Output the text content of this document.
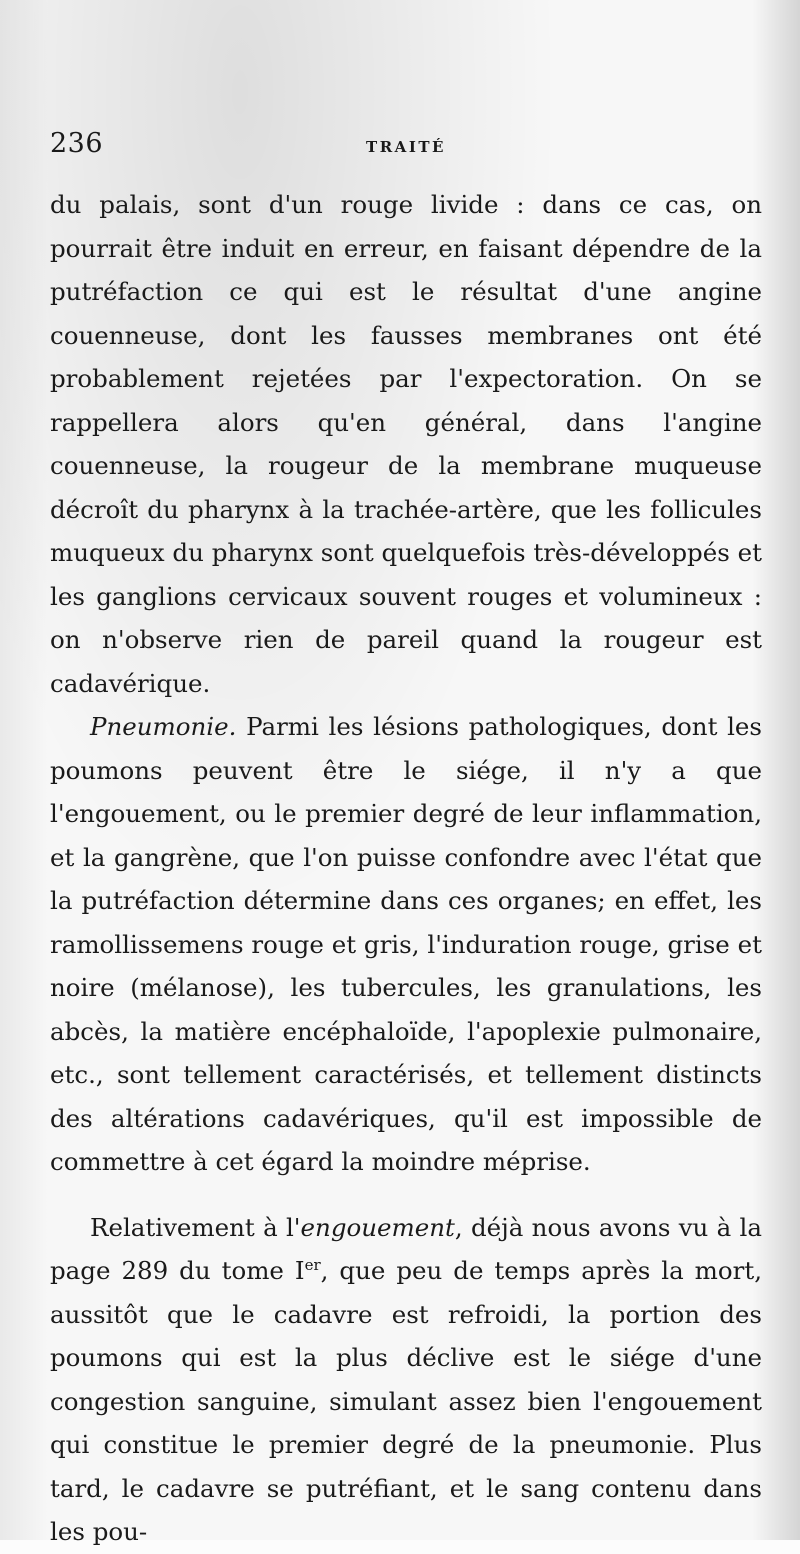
236	TRAITÉ

du palais, sont d'un rouge livide : dans ce cas, on pourrait être induit en erreur, en faisant dépendre de la putréfaction ce qui est le résultat d'une angine couenneuse, dont les fausses membranes ont été probablement rejetées par l'expectoration. On se rappellera alors qu'en général, dans l'angine couenneuse, la rougeur de la membrane muqueuse décroît du pharynx à la trachée-artère, que les follicules muqueux du pharynx sont quelquefois très-développés et les ganglions cervicaux souvent rouges et volumineux : on n'observe rien de pareil quand la rougeur est cadavérique.

Pneumonie. Parmi les lésions pathologiques, dont les poumons peuvent être le siége, il n'y a que l'engouement, ou le premier degré de leur inflammation, et la gangrène, que l'on puisse confondre avec l'état que la putréfaction détermine dans ces organes; en effet, les ramollissemens rouge et gris, l'induration rouge, grise et noire (mélanose), les tubercules, les granulations, les abcès, la matière encéphaloïde, l'apoplexie pulmonaire, etc., sont tellement caractérisés, et tellement distincts des altérations cadavériques, qu'il est impossible de commettre à cet égard la moindre méprise.

Relativement à l'engouement, déjà nous avons vu à la page 289 du tome Ier, que peu de temps après la mort, aussitôt que le cadavre est refroidi, la portion des poumons qui est la plus déclive est le siége d'une congestion sanguine, simulant assez bien l'engouement qui constitue le premier degré de la pneumonie. Plus tard, le cadavre se putréfiant, et le sang contenu dans les pou-
